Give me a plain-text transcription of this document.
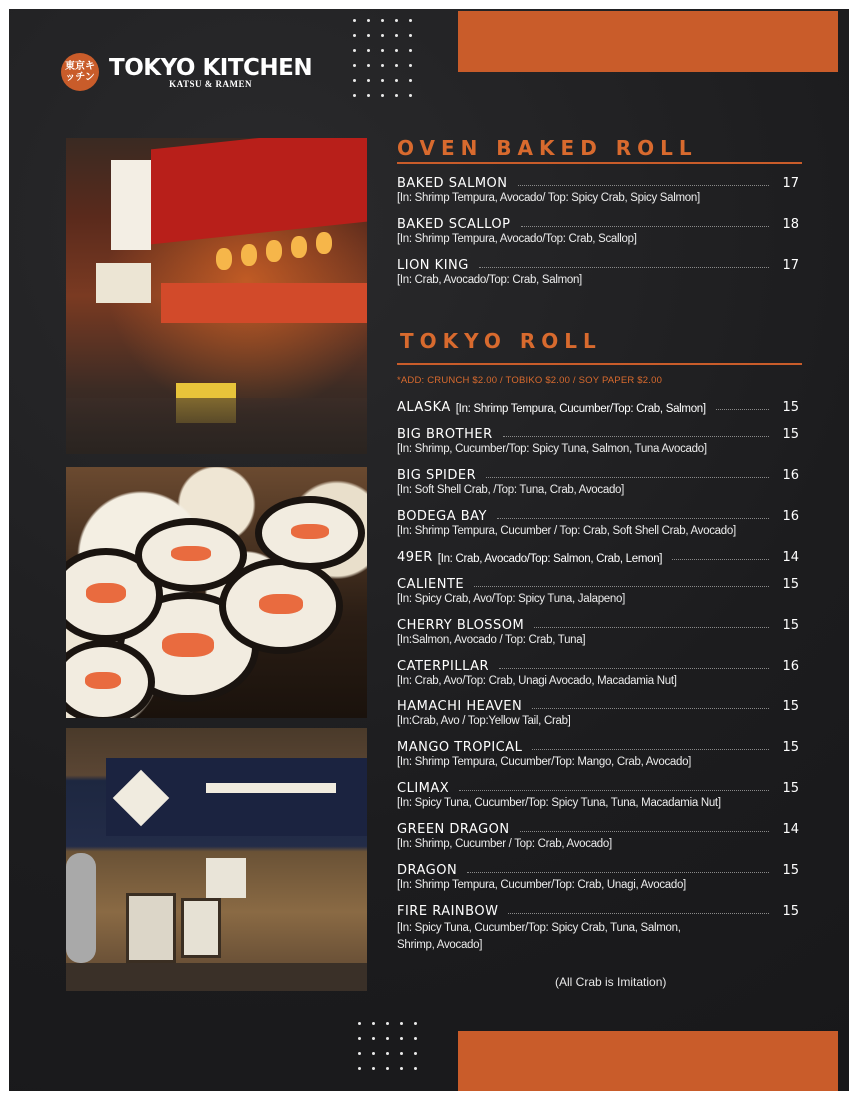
東京キッチン TOKYO KITCHEN
KATSU & RAMEN
OVEN BAKED ROLL
BAKED SALMON	17
[In: Shrimp Tempura, Avocado/ Top: Spicy Crab, Spicy Salmon]
BAKED SCALLOP	18
[In: Shrimp Tempura, Avocado/Top: Crab, Scallop]
LION KING	17
[In: Crab, Avocado/Top: Crab, Salmon]
TOKYO ROLL
*ADD: CRUNCH $2.00 / TOBIKO $2.00 / SOY PAPER $2.00
ALASKA [In: Shrimp Tempura, Cucumber/Top: Crab, Salmon]	15
BIG BROTHER	15
[In: Shrimp, Cucumber/Top: Spicy Tuna, Salmon, Tuna Avocado]
BIG SPIDER	16
[In: Soft Shell Crab, /Top: Tuna, Crab, Avocado]
BODEGA BAY	16
[In: Shrimp Tempura, Cucumber / Top: Crab, Soft Shell Crab, Avocado]
49ER [In: Crab, Avocado/Top: Salmon, Crab, Lemon]	14
CALIENTE	15
[In: Spicy Crab, Avo/Top: Spicy Tuna, Jalapeno]
CHERRY BLOSSOM	15
[In:Salmon, Avocado / Top: Crab, Tuna]
CATERPILLAR	16
[In: Crab, Avo/Top: Crab, Unagi Avocado, Macadamia Nut]
HAMACHI HEAVEN	15
[In:Crab, Avo / Top:Yellow Tail, Crab]
MANGO TROPICAL	15
[In: Shrimp Tempura, Cucumber/Top: Mango, Crab, Avocado]
CLIMAX	15
[In: Spicy Tuna, Cucumber/Top: Spicy Tuna, Tuna, Macadamia Nut]
GREEN DRAGON	14
[In: Shrimp, Cucumber / Top: Crab, Avocado]
DRAGON	15
[In: Shrimp Tempura, Cucumber/Top: Crab, Unagi, Avocado]
FIRE RAINBOW	15
[In: Spicy Tuna, Cucumber/Top: Spicy Crab, Tuna, Salmon, Shrimp, Avocado]
(All Crab is Imitation)
